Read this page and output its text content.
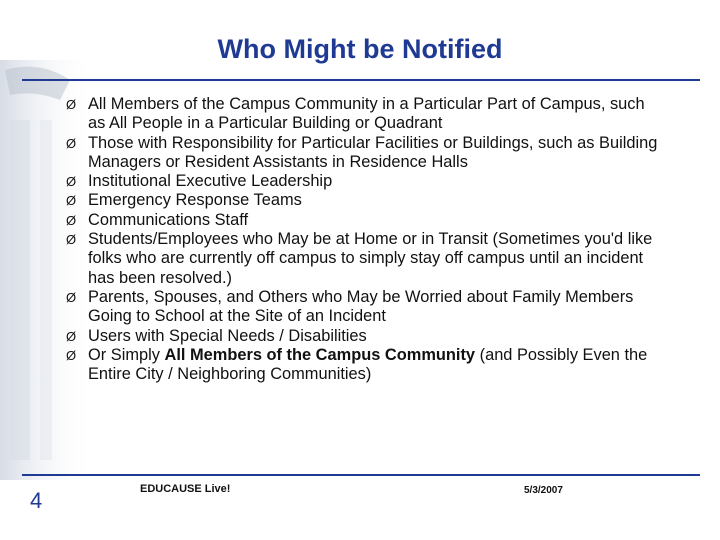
Who Might be Notified
Ø All Members of the Campus Community in a Particular Part of Campus, such as All People in a Particular Building or Quadrant
Ø Those with Responsibility for Particular Facilities or Buildings, such as Building Managers or Resident Assistants in Residence Halls
Ø Institutional Executive Leadership
Ø Emergency Response Teams
Ø Communications Staff
Ø Students/Employees who May be at Home or in Transit (Sometimes you'd like folks who are currently off campus to simply stay off campus until an incident has been resolved.)
Ø Parents, Spouses, and Others who May be Worried about Family Members Going to School at the Site of an Incident
Ø Users with Special Needs / Disabilities
Ø Or Simply All Members of the Campus Community (and Possibly Even the Entire City / Neighboring Communities)
4	EDUCAUSE Live!	5/3/2007
